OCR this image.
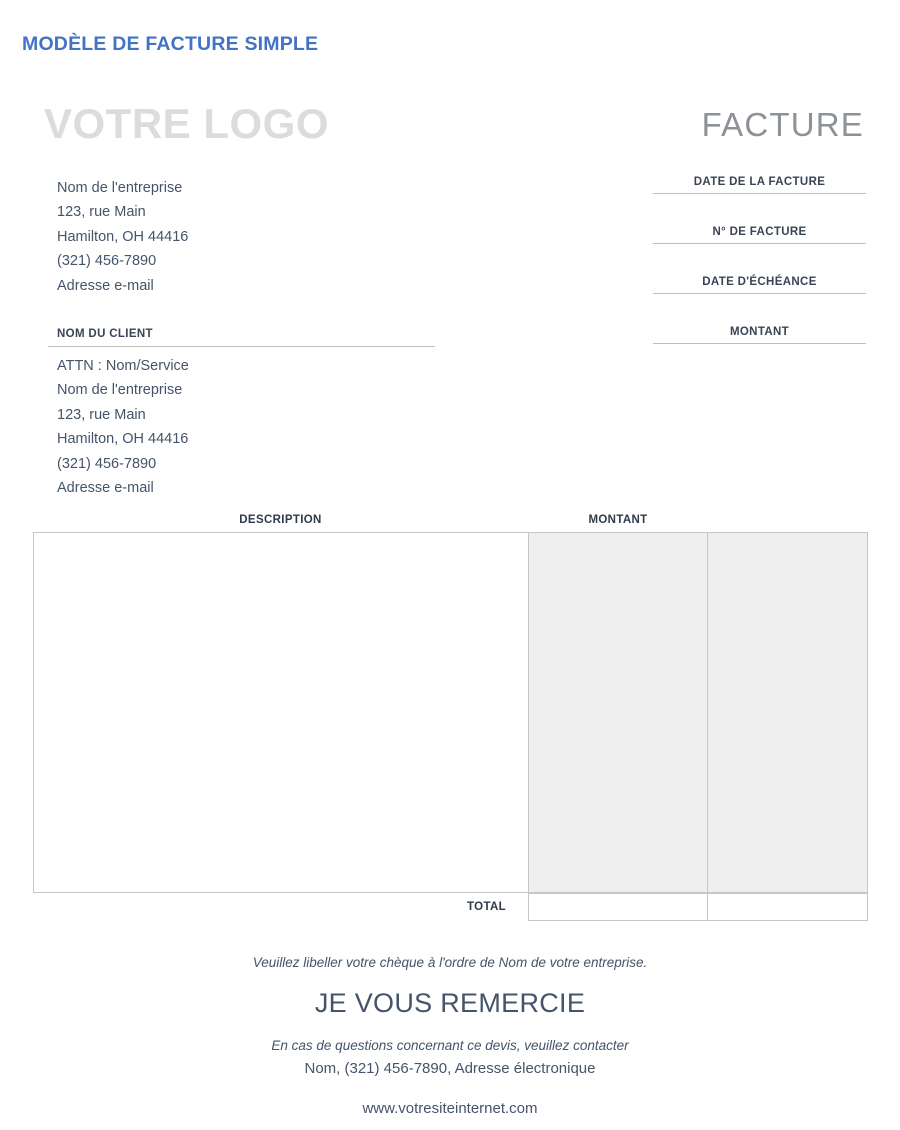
MODÈLE DE FACTURE SIMPLE
VOTRE LOGO	FACTURE
Nom de l'entreprise
123, rue Main
Hamilton, OH 44416
(321) 456-7890
Adresse e-mail
DATE DE LA FACTURE
N° DE FACTURE
DATE D'ÉCHÉANCE
MONTANT
NOM DU CLIENT
ATTN : Nom/Service
Nom de l'entreprise
123, rue Main
Hamilton, OH 44416
(321) 456-7890
Adresse e-mail
DESCRIPTION	MONTANT
TOTAL
Veuillez libeller votre chèque à l'ordre de Nom de votre entreprise.
JE VOUS REMERCIE
En cas de questions concernant ce devis, veuillez contacter
Nom, (321) 456-7890, Adresse électronique
www.votresiteinternet.com
